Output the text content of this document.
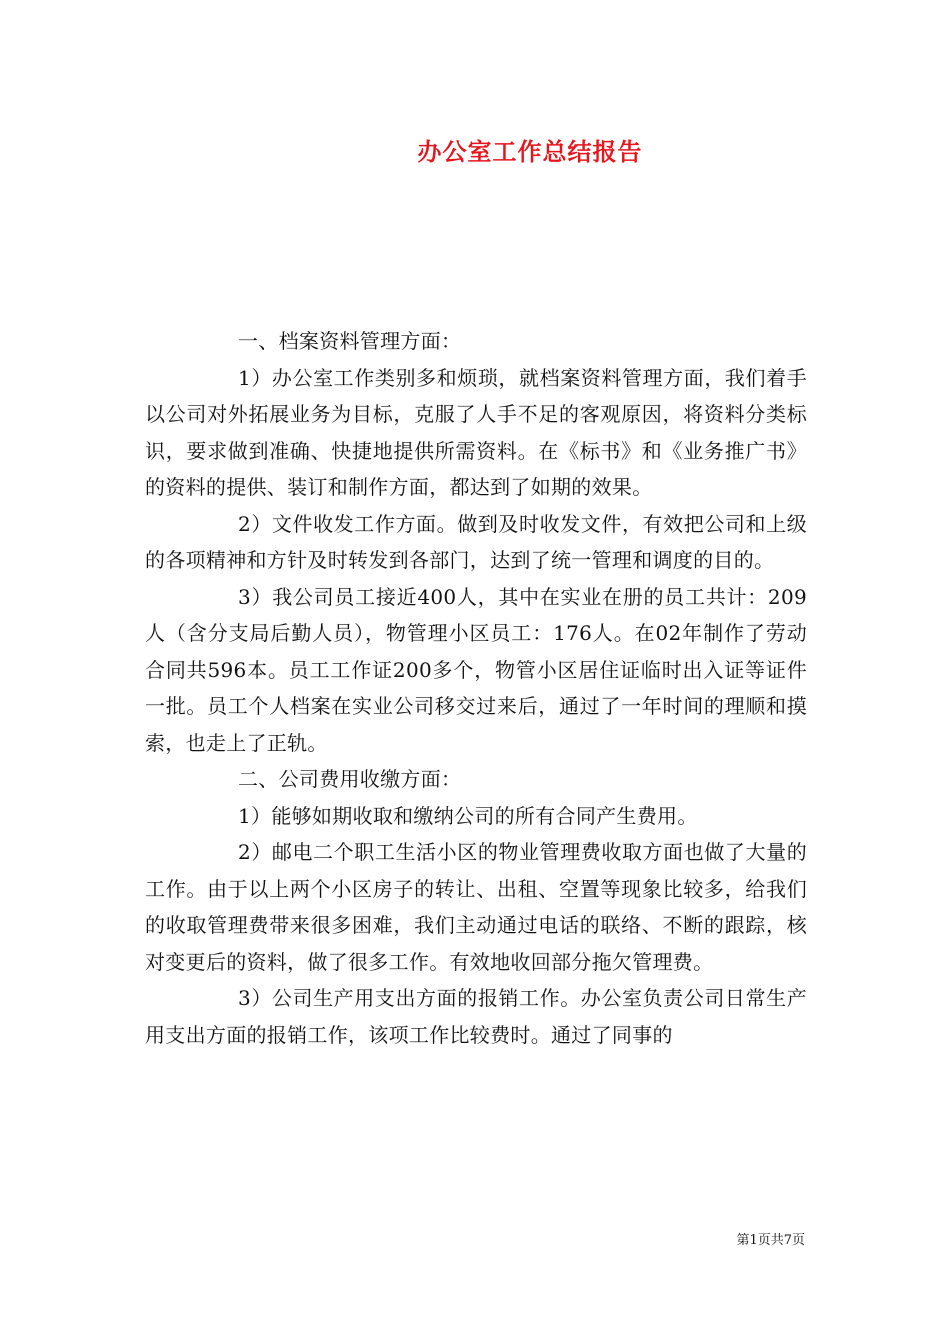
办公室工作总结报告

一、档案资料管理方面：

1）办公室工作类别多和烦琐，就档案资料管理方面，我们着手以公司对外拓展业务为目标，克服了人手不足的客观原因，将资料分类标识，要求做到准确、快捷地提供所需资料。在《标书》和《业务推广书》的资料的提供、装订和制作方面，都达到了如期的效果。

2）文件收发工作方面。做到及时收发文件，有效把公司和上级的各项精神和方针及时转发到各部门，达到了统一管理和调度的目的。

3）我公司员工接近400人，其中在实业在册的员工共计：209人（含分支局后勤人员），物管理小区员工：176人。在02年制作了劳动合同共596本。员工工作证200多个，物管小区居住证临时出入证等证件一批。员工个人档案在实业公司移交过来后，通过了一年时间的理顺和摸索，也走上了正轨。

二、公司费用收缴方面：

1）能够如期收取和缴纳公司的所有合同产生费用。

2）邮电二个职工生活小区的物业管理费收取方面也做了大量的工作。由于以上两个小区房子的转让、出租、空置等现象比较多，给我们的收取管理费带来很多困难，我们主动通过电话的联络、不断的跟踪，核对变更后的资料，做了很多工作。有效地收回部分拖欠管理费。

3）公司生产用支出方面的报销工作。办公室负责公司日常生产用支出方面的报销工作，该项工作比较费时。通过了同事的

第1页共7页
